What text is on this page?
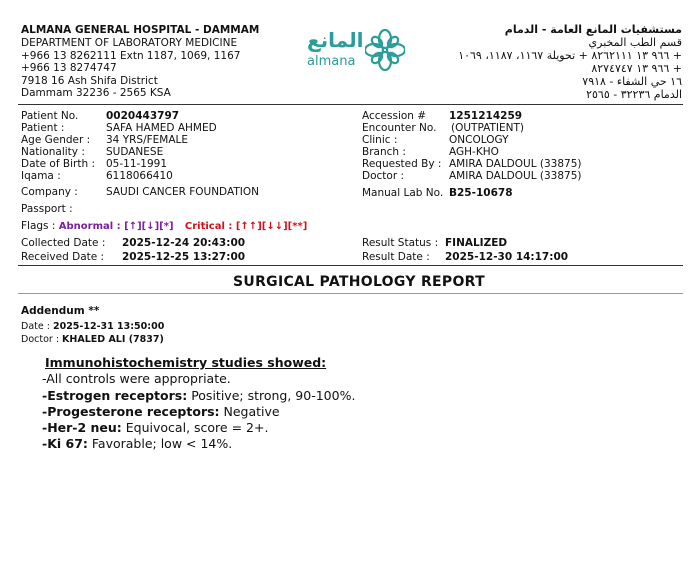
ALMANA GENERAL HOSPITAL - DAMMAM
DEPARTMENT OF LABORATORY MEDICINE
+966 13 8262111 Extn 1187, 1069, 1167
+966 13 8274747
7918 16 Ash Shifa District
Dammam 32236 - 2565 KSA
المانع
almana
مستشفيات المانع العامة - الدمام
قسم الطب المخبري
+ ٩٦٦ ١٣ ٨٢٦٢١١١ + تحويلة ١١٦٧، ١١٨٧، ١٠٦٩
+ ٩٦٦ ١٣ ٨٢٧٤٧٤٧
١٦ حي الشفاء - ٧٩١٨
الدمام ٣٢٢٣٦ - ٢٥٦٥
Patient No.	0020443797
Patient :	SAFA HAMED AHMED
Age Gender : 34 YRS/FEMALE
Nationality : SUDANESE
Date of Birth : 05-11-1991
Iqama :	6118066410
Company :	SAUDI CANCER FOUNDATION
Passport :
Accession # 1251214259
Encounter No. (OUTPATIENT)
Clinic :	ONCOLOGY
Branch :	AGH-KHO
Requested By : AMIRA DALDOUL (33875)
Doctor :	AMIRA DALDOUL (33875)
Manual Lab No. B25-10678
Flags : Abnormal : [↑][↓][*] Critical : [↑↑][↓↓][**]
Collected Date : 2025-12-24 20:43:00	Result Status : FINALIZED
Received Date : 2025-12-25 13:27:00	Result Date : 2025-12-30 14:17:00
SURGICAL PATHOLOGY REPORT
Addendum **
Date : 2025-12-31 13:50:00
Doctor : KHALED ALI (7837)
Immunohistochemistry studies showed:
-All controls were appropriate.
-Estrogen receptors: Positive; strong, 90-100%.
-Progesterone receptors: Negative
-Her-2 neu: Equivocal, score = 2+.
-Ki 67: Favorable; low < 14%.
